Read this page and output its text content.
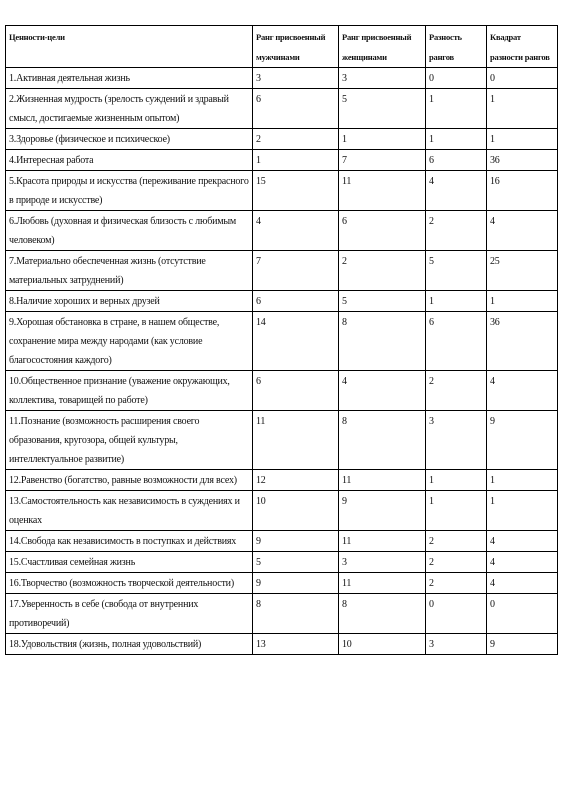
Ценности-цели	Ранг присвоенный мужчинами	Ранг присвоенный женщинами	Разность рангов	Квадрат разности рангов
1.Активная деятельная жизнь	3	3	0	0
2.Жизненная мудрость (зрелость суждений и здравый смысл, достигаемые жизненным опытом)	6	5	1	1
3.Здоровье (физическое и психическое)	2	1	1	1
4.Интересная работа	1	7	6	36
5.Красота природы и искусства (переживание прекрасного в природе и искусстве)	15	11	4	16
6.Любовь (духовная и физическая близость с любимым человеком)	4	6	2	4
7.Материально обеспеченная жизнь (отсутствие материальных затруднений)	7	2	5	25
8.Наличие хороших и верных друзей	6	5	1	1
9.Хорошая обстановка в стране, в нашем обществе, сохранение мира между народами (как условие благосостояния каждого)	14	8	6	36
10.Общественное признание (уважение окружающих, коллектива, товарищей по работе)	6	4	2	4
11.Познание (возможность расширения своего образования, кругозора, общей культуры, интеллектуальное развитие)	11	8	3	9
12.Равенство (богатство, равные возможности для всех)	12	11	1	1
13.Самостоятельность как независимость в суждениях и оценках	10	9	1	1
14.Свобода как независимость в поступках и действиях	9	11	2	4
15.Счастливая семейная жизнь	5	3	2	4
16.Творчество (возможность творческой деятельности)	9	11	2	4
17.Уверенность в себе (свобода от внутренних противоречий)	8	8	0	0
18.Удовольствия (жизнь, полная удовольствий)	13	10	3	9
